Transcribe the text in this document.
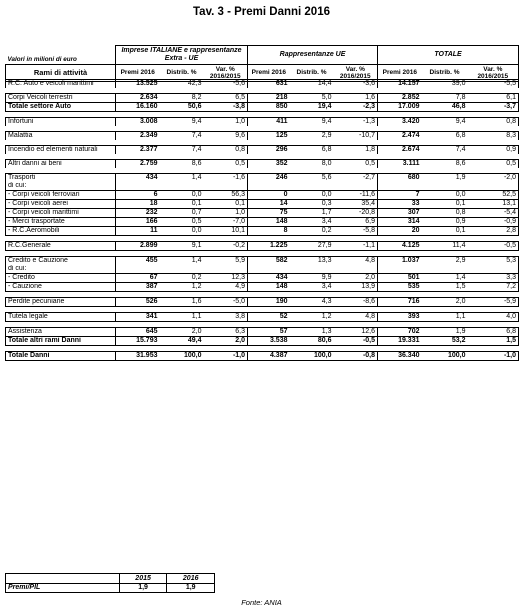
Tav. 3 - Premi Danni 2016
Valori in milioni di euro	Imprese ITALIANE e rappresentanze Extra - UE			Rappresentanze UE			TOTALE		
Rami di attività	Premi 2016	Distrib. %	Var. % 2016/2015	Premi 2016	Distrib. %	Var. % 2016/2015	Premi 2016	Distrib. %	Var. % 2016/2015
R.C. Auto e veicoli marittimi	13.525	42,3	-5,6	631	14,4	-3,6	14.157	39,0	-5,5

Corpi Veicoli terrestri	2.634	8,2	6,5	218	5,0	1,6	2.852	7,8	6,1
Totale settore Auto	16.160	50,6	-3,8	850	19,4	-2,3	17.009	46,8	-3,7

Infortuni	3.008	9,4	1,0	411	9,4	-1,3	3.420	9,4	0,8

Malattia	2.349	7,4	9,6	125	2,9	-10,7	2.474	6,8	8,3

Incendio ed elementi naturali	2.377	7,4	0,8	296	6,8	1,8	2.674	7,4	0,9

Altri danni ai beni	2.759	8,6	0,5	352	8,0	0,5	3.111	8,6	0,5

Trasporti	434	1,4	-1,6	246	5,6	-2,7	680	1,9	-2,0
di cui:									
- Corpi veicoli ferroviari	6	0,0	56,3	0	0,0	-11,6	7	0,0	52,5
- Corpi veicoli aerei	18	0,1	0,1	14	0,3	35,4	33	0,1	13,1
- Corpi veicoli marittimi	232	0,7	1,0	75	1,7	-20,8	307	0,8	-5,4
- Merci trasportate	166	0,5	-7,0	148	3,4	6,9	314	0,9	-0,9
- R.C.Aeromobili	11	0,0	10,1	8	0,2	-5,8	20	0,1	2,8

R.C.Generale	2.899	9,1	-0,2	1.225	27,9	-1,1	4.125	11,4	-0,5

Credito e Cauzione	455	1,4	5,9	582	13,3	4,8	1.037	2,9	5,3
di cui:									
- Credito	67	0,2	12,3	434	9,9	2,0	501	1,4	3,3
- Cauzione	387	1,2	4,9	148	3,4	13,9	535	1,5	7,2

Perdite pecuniarie	526	1,6	-5,0	190	4,3	-8,6	716	2,0	-5,9

Tutela legale	341	1,1	3,8	52	1,2	4,8	393	1,1	4,0

Assistenza	645	2,0	6,3	57	1,3	12,6	702	1,9	6,8
Totale altri rami Danni	15.793	49,4	2,0	3.538	80,6	-0,5	19.331	53,2	1,5

Totale Danni	31.953	100,0	-1,0	4.387	100,0	-0,8	36.340	100,0	-1,0
	2015	2016
Premi/PIL	1,9	1,9
Fonte: ANIA
